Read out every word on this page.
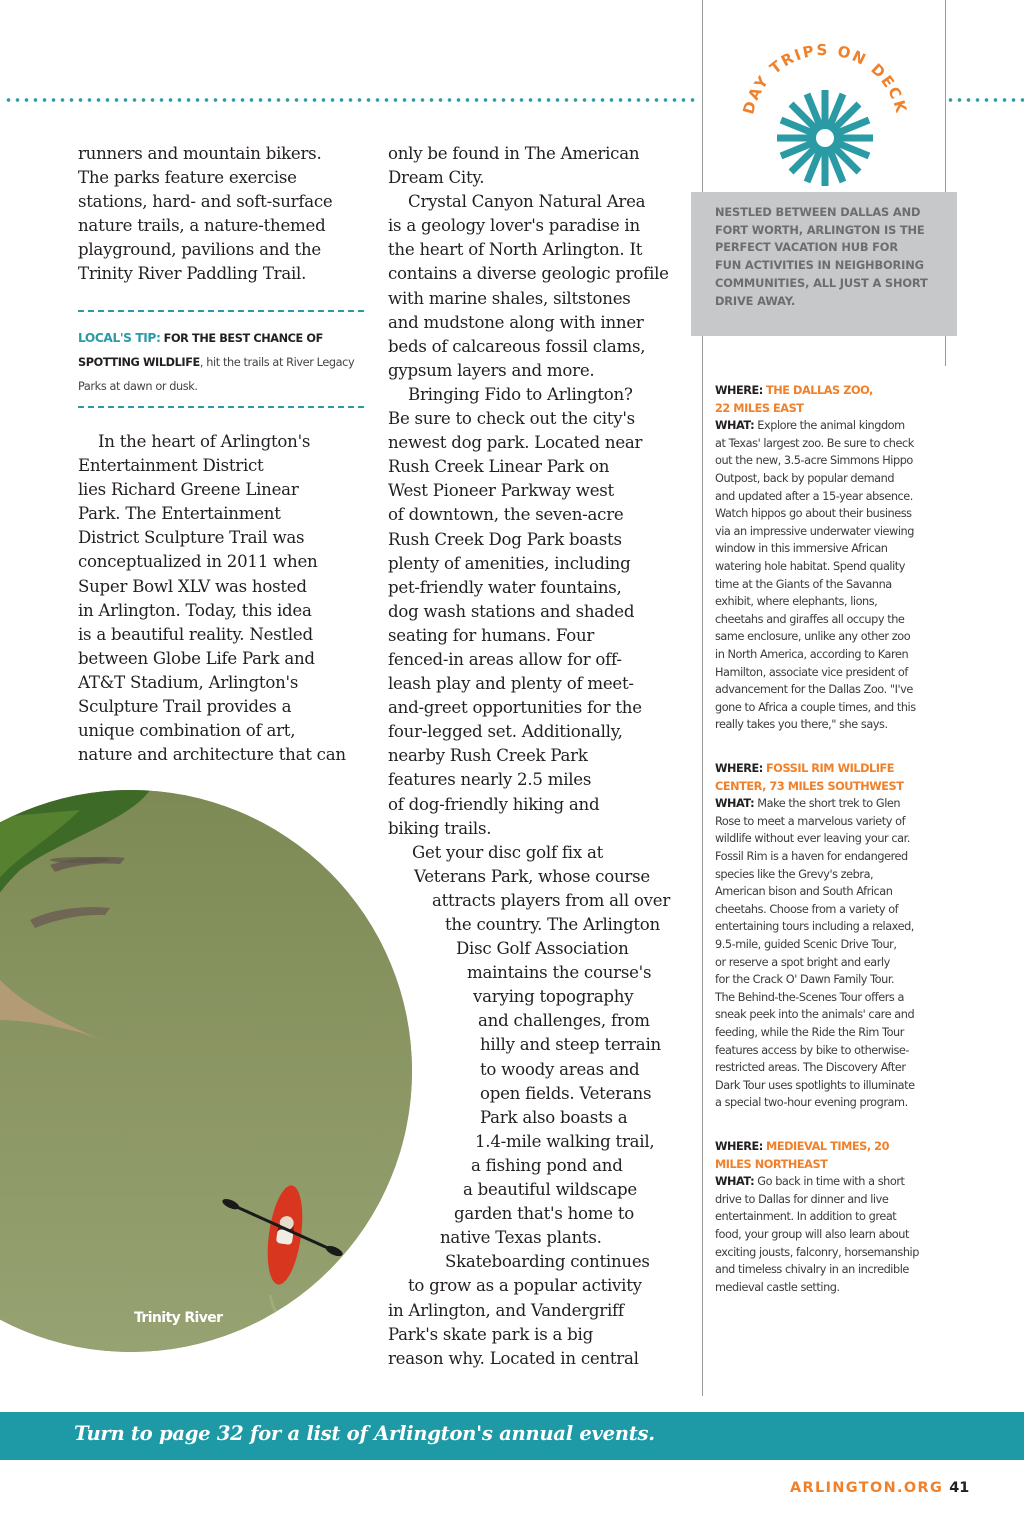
runners and mountain bikers.
The parks feature exercise
stations, hard- and soft-surface
nature trails, a nature-themed
playground, pavilions and the
Trinity River Paddling Trail.
LOCAL'S TIP: FOR THE BEST CHANCE OF
SPOTTING WILDLIFE, hit the trails at River Legacy
Parks at dawn or dusk.
In the heart of Arlington's
Entertainment District
lies Richard Greene Linear
Park. The Entertainment
District Sculpture Trail was
conceptualized in 2011 when
Super Bowl XLV was hosted
in Arlington. Today, this idea
is a beautiful reality. Nestled
between Globe Life Park and
AT&T Stadium, Arlington's
Sculpture Trail provides a
unique combination of art,
nature and architecture that can
Trinity River
only be found in The American
Dream City.
Crystal Canyon Natural Area
is a geology lover's paradise in
the heart of North Arlington. It
contains a diverse geologic profile
with marine shales, siltstones
and mudstone along with inner
beds of calcareous fossil clams,
gypsum layers and more.
Bringing Fido to Arlington?
Be sure to check out the city's
newest dog park. Located near
Rush Creek Linear Park on
West Pioneer Parkway west
of downtown, the seven-acre
Rush Creek Dog Park boasts
plenty of amenities, including
pet-friendly water fountains,
dog wash stations and shaded
seating for humans. Four
fenced-in areas allow for off-
leash play and plenty of meet-
and-greet opportunities for the
four-legged set. Additionally,
nearby Rush Creek Park
features nearly 2.5 miles
of dog-friendly hiking and
biking trails.
Get your disc golf fix at
Veterans Park, whose course
attracts players from all over
the country. The Arlington
Disc Golf Association
maintains the course's
varying topography
and challenges, from
hilly and steep terrain
to woody areas and
open fields. Veterans
Park also boasts a
1.4-mile walking trail,
a fishing pond and
a beautiful wildscape
garden that's home to
native Texas plants.
Skateboarding continues
to grow as a popular activity
in Arlington, and Vandergriff
Park's skate park is a big
reason why. Located in central
DAY TRIPS ON DECK

NESTLED BETWEEN DALLAS AND
FORT WORTH, ARLINGTON IS THE
PERFECT VACATION HUB FOR
FUN ACTIVITIES IN NEIGHBORING
COMMUNITIES, ALL JUST A SHORT
DRIVE AWAY.

WHERE: THE DALLAS ZOO,
22 MILES EAST
WHAT: Explore the animal kingdom
at Texas' largest zoo. Be sure to check
out the new, 3.5-acre Simmons Hippo
Outpost, back by popular demand
and updated after a 15-year absence.
Watch hippos go about their business
via an impressive underwater viewing
window in this immersive African
watering hole habitat. Spend quality
time at the Giants of the Savanna
exhibit, where elephants, lions,
cheetahs and giraffes all occupy the
same enclosure, unlike any other zoo
in North America, according to Karen
Hamilton, associate vice president of
advancement for the Dallas Zoo. "I've
gone to Africa a couple times, and this
really takes you there," she says.
WHERE: FOSSIL RIM WILDLIFE
CENTER, 73 MILES SOUTHWEST
WHAT: Make the short trek to Glen
Rose to meet a marvelous variety of
wildlife without ever leaving your car.
Fossil Rim is a haven for endangered
species like the Grevy's zebra,
American bison and South African
cheetahs. Choose from a variety of
entertaining tours including a relaxed,
9.5-mile, guided Scenic Drive Tour,
or reserve a spot bright and early
for the Crack O' Dawn Family Tour.
The Behind-the-Scenes Tour offers a
sneak peek into the animals' care and
feeding, while the Ride the Rim Tour
features access by bike to otherwise-
restricted areas. The Discovery After
Dark Tour uses spotlights to illuminate
a special two-hour evening program.
WHERE: MEDIEVAL TIMES, 20
MILES NORTHEAST
WHAT: Go back in time with a short
drive to Dallas for dinner and live
entertainment. In addition to great
food, your group will also learn about
exciting jousts, falconry, horsemanship
and timeless chivalry in an incredible
medieval castle setting.
Turn to page 32 for a list of Arlington's annual events.
ARLINGTON.ORG 41
